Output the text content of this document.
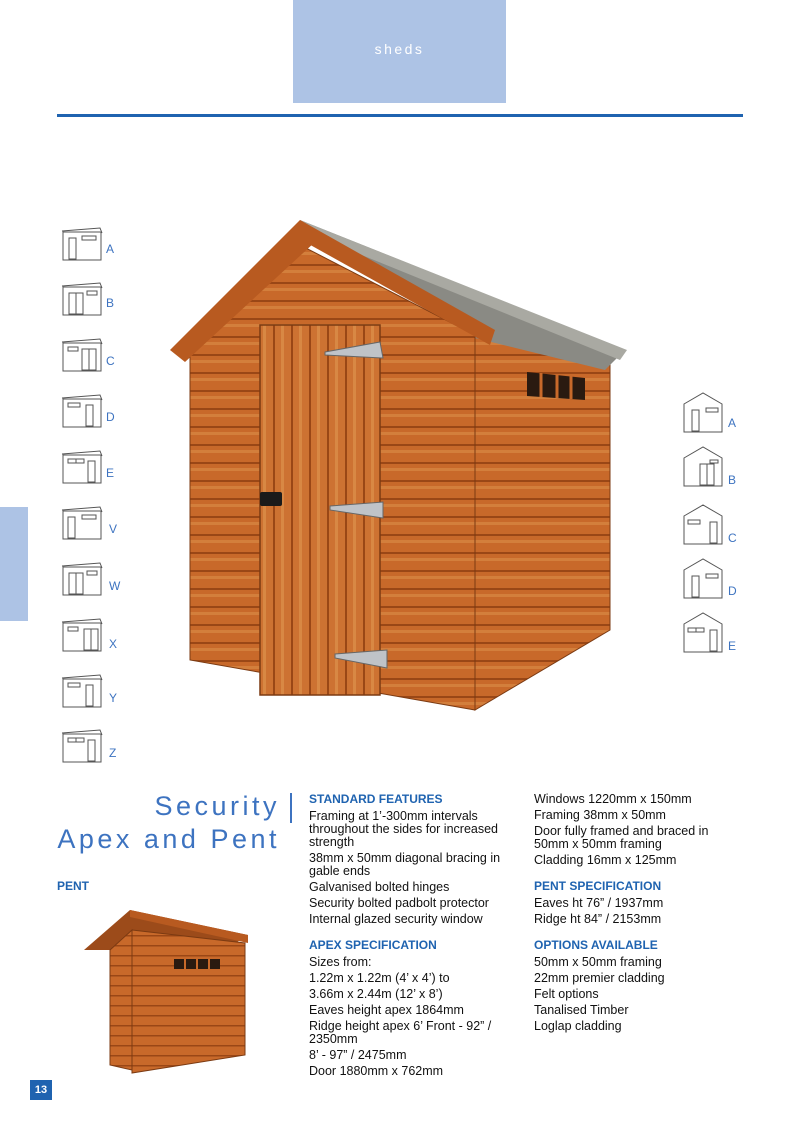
sheds
A
B
C
D
E
V
W
X
Y
Z
A
B
C
D
E
Security
Apex and Pent
PENT
STANDARD FEATURES

Framing at 1’-300mm intervals throughout the sides for increased strength

38mm x 50mm diagonal bracing in gable ends

Galvanised bolted hinges

Security bolted padbolt protector

Internal glazed security window

APEX SPECIFICATION

Sizes from:

1.22m x 1.22m (4’ x 4’) to

3.66m x 2.44m (12’ x 8’)

Eaves height apex 1864mm

Ridge height apex 6’ Front - 92” / 2350mm

8’ - 97” / 2475mm

Door 1880mm x 762mm

Windows 1220mm x 150mm

Framing 38mm x 50mm

Door fully framed and braced in 50mm x 50mm framing

Cladding 16mm x 125mm

PENT SPECIFICATION

Eaves ht 76” / 1937mm

Ridge ht 84” / 2153mm

OPTIONS AVAILABLE

50mm x 50mm framing

22mm premier cladding

Felt options

Tanalised Timber

Loglap cladding

13
